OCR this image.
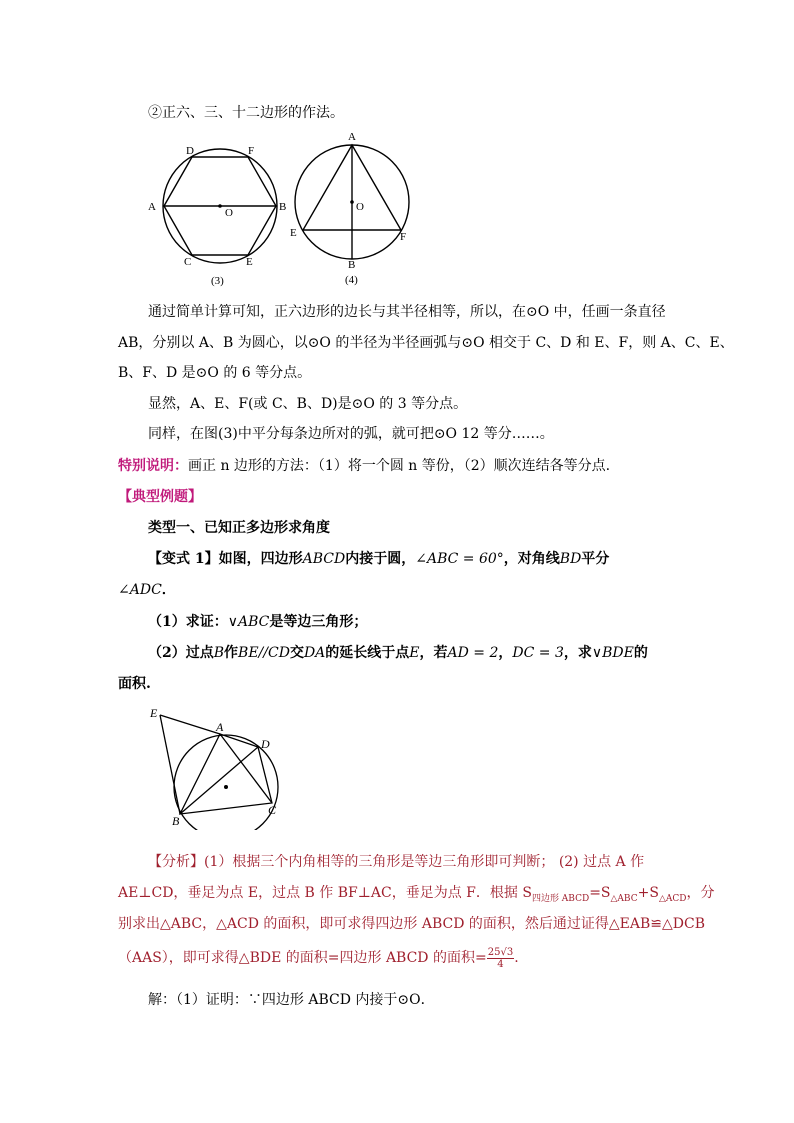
②正六、三、十二边形的作法。
A	B
C
D
E
F
O
(3)
A
B
E	F
O
(4)
通过简单计算可知，正六边形的边长与其半径相等，所以，在⊙O 中，任画一条直径
AB，分别以 A、B 为圆心，以⊙O 的半径为半径画弧与⊙O 相交于 C、D 和 E、F，则 A、C、E、
B、F、D 是⊙O 的 6 等分点。
显然，A、E、F(或 C、B、D)是⊙O 的 3 等分点。
同样，在图(3)中平分每条边所对的弧，就可把⊙O 12 等分……。
特别说明：画正 n 边形的方法：（1）将一个圆 n 等份，（2）顺次连结各等分点.
【典型例题】
类型一、已知正多边形求角度
【变式 1】如图，四边形ABCD内接于圆，∠ABC = 60°，对角线BD平分
∠ADC．
（1）求证：∨ABC是等边三角形；
（2）过点B作BE//CD交DA的延长线于点E，若AD = 2，DC = 3，求∨BDE的
面积.
E
A
D
C
B
【分析】(1）根据三个内角相等的三角形是等边三角形即可判断； (2) 过点 A 作
AE⊥CD，垂足为点 E，过点 B 作 BF⊥AC，垂足为点 F．根据 $S_{四边形 ABCD}=S_{\triangle ABC}+S_{\triangle ACD}$，分
别求出△ABC，△ACD 的面积，即可求得四边形 ABCD 的面积，然后通过证得△EAB≌△DCB
（AAS），即可求得△BDE 的面积=四边形 ABCD 的面积= $\frac{25√3}{4}$ .
解：（1）证明：∵四边形 ABCD 内接于⊙O．
